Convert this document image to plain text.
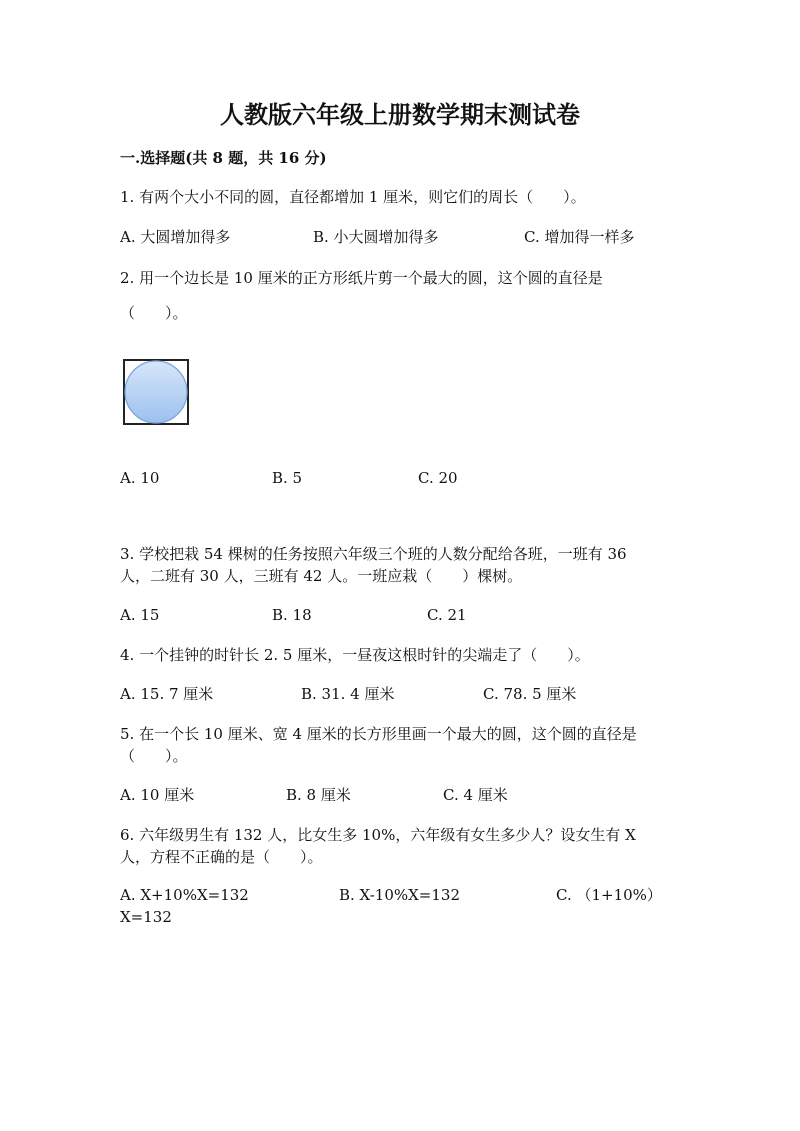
人教版六年级上册数学期末测试卷
一.选择题(共 8 题，共 16 分)
1. 有两个大小不同的圆，直径都增加 1 厘米，则它们的周长（　　）。
A. 大圆增加得多	B. 小大圆增加得多	C. 增加得一样多
2. 用一个边长是 10 厘米的正方形纸片剪一个最大的圆，这个圆的直径是
（　　）。
A. 10	B. 5	C. 20
3. 学校把栽 54 棵树的任务按照六年级三个班的人数分配给各班，一班有 36
人，二班有 30 人，三班有 42 人。一班应栽（　　）棵树。
A. 15	B. 18	C. 21
4. 一个挂钟的时针长 2. 5 厘米，一昼夜这根时针的尖端走了（　　）。
A. 15. 7 厘米	B. 31. 4 厘米	C. 78. 5 厘米
5. 在一个长 10 厘米、宽 4 厘米的长方形里画一个最大的圆，这个圆的直径是
（　　）。
A. 10 厘米	B. 8 厘米	C. 4 厘米
6. 六年级男生有 132 人，比女生多 10%，六年级有女生多少人？设女生有 X
人，方程不正确的是（　　）。
A. X+10%X=132	B. X-10%X=132	C. （1+10%）
X=132
